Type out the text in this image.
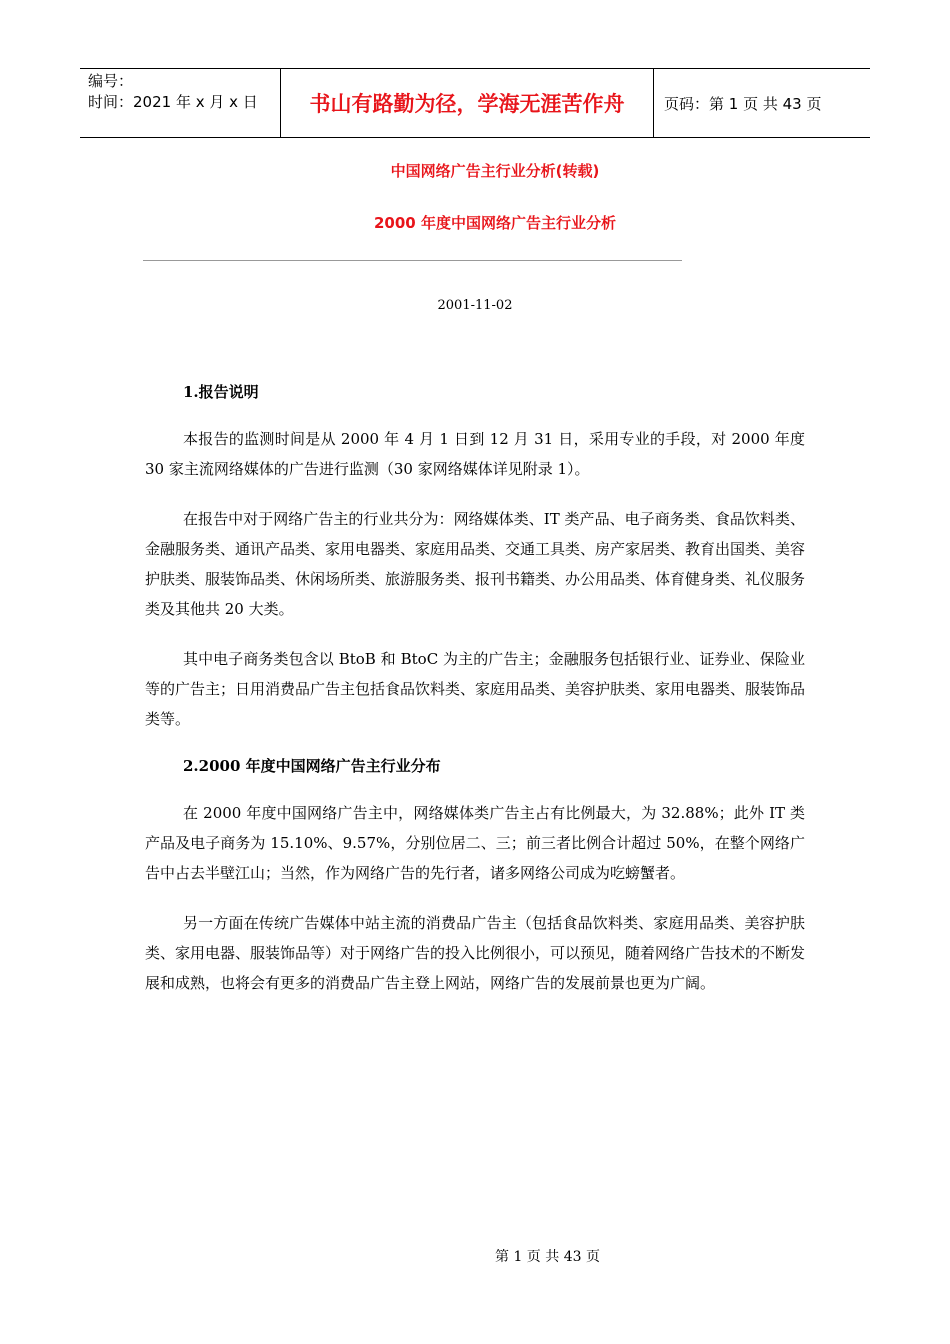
编号：
时间：2021 年 x 月 x 日	书山有路勤为径，学海无涯苦作舟	页码：第 1 页 共 43 页
中国网络广告主行业分析(转载)
2000 年度中国网络广告主行业分析
2001-11-02
1.报告说明

本报告的监测时间是从 2000 年 4 月 1 日到 12 月 31 日，采用专业的手段，对 2000 年度 30 家主流网络媒体的广告进行监测（30 家网络媒体详见附录 1）。

在报告中对于网络广告主的行业共分为：网络媒体类、IT 类产品、电子商务类、食品饮料类、金融服务类、通讯产品类、家用电器类、家庭用品类、交通工具类、房产家居类、教育出国类、美容护肤类、服装饰品类、休闲场所类、旅游服务类、报刊书籍类、办公用品类、体育健身类、礼仪服务类及其他共 20 大类。

其中电子商务类包含以 BtoB 和 BtoC 为主的广告主；金融服务包括银行业、证券业、保险业等的广告主；日用消费品广告主包括食品饮料类、家庭用品类、美容护肤类、家用电器类、服装饰品类等。

2.2000 年度中国网络广告主行业分布

在 2000 年度中国网络广告主中，网络媒体类广告主占有比例最大，为 32.88%；此外 IT 类产品及电子商务为 15.10%、9.57%，分别位居二、三；前三者比例合计超过 50%，在整个网络广告中占去半壁江山；当然，作为网络广告的先行者，诸多网络公司成为吃螃蟹者。

另一方面在传统广告媒体中站主流的消费品广告主（包括食品饮料类、家庭用品类、美容护肤类、家用电器、服装饰品等）对于网络广告的投入比例很小，可以预见，随着网络广告技术的不断发展和成熟，也将会有更多的消费品广告主登上网站，网络广告的发展前景也更为广阔。

第 1 页 共 43 页
